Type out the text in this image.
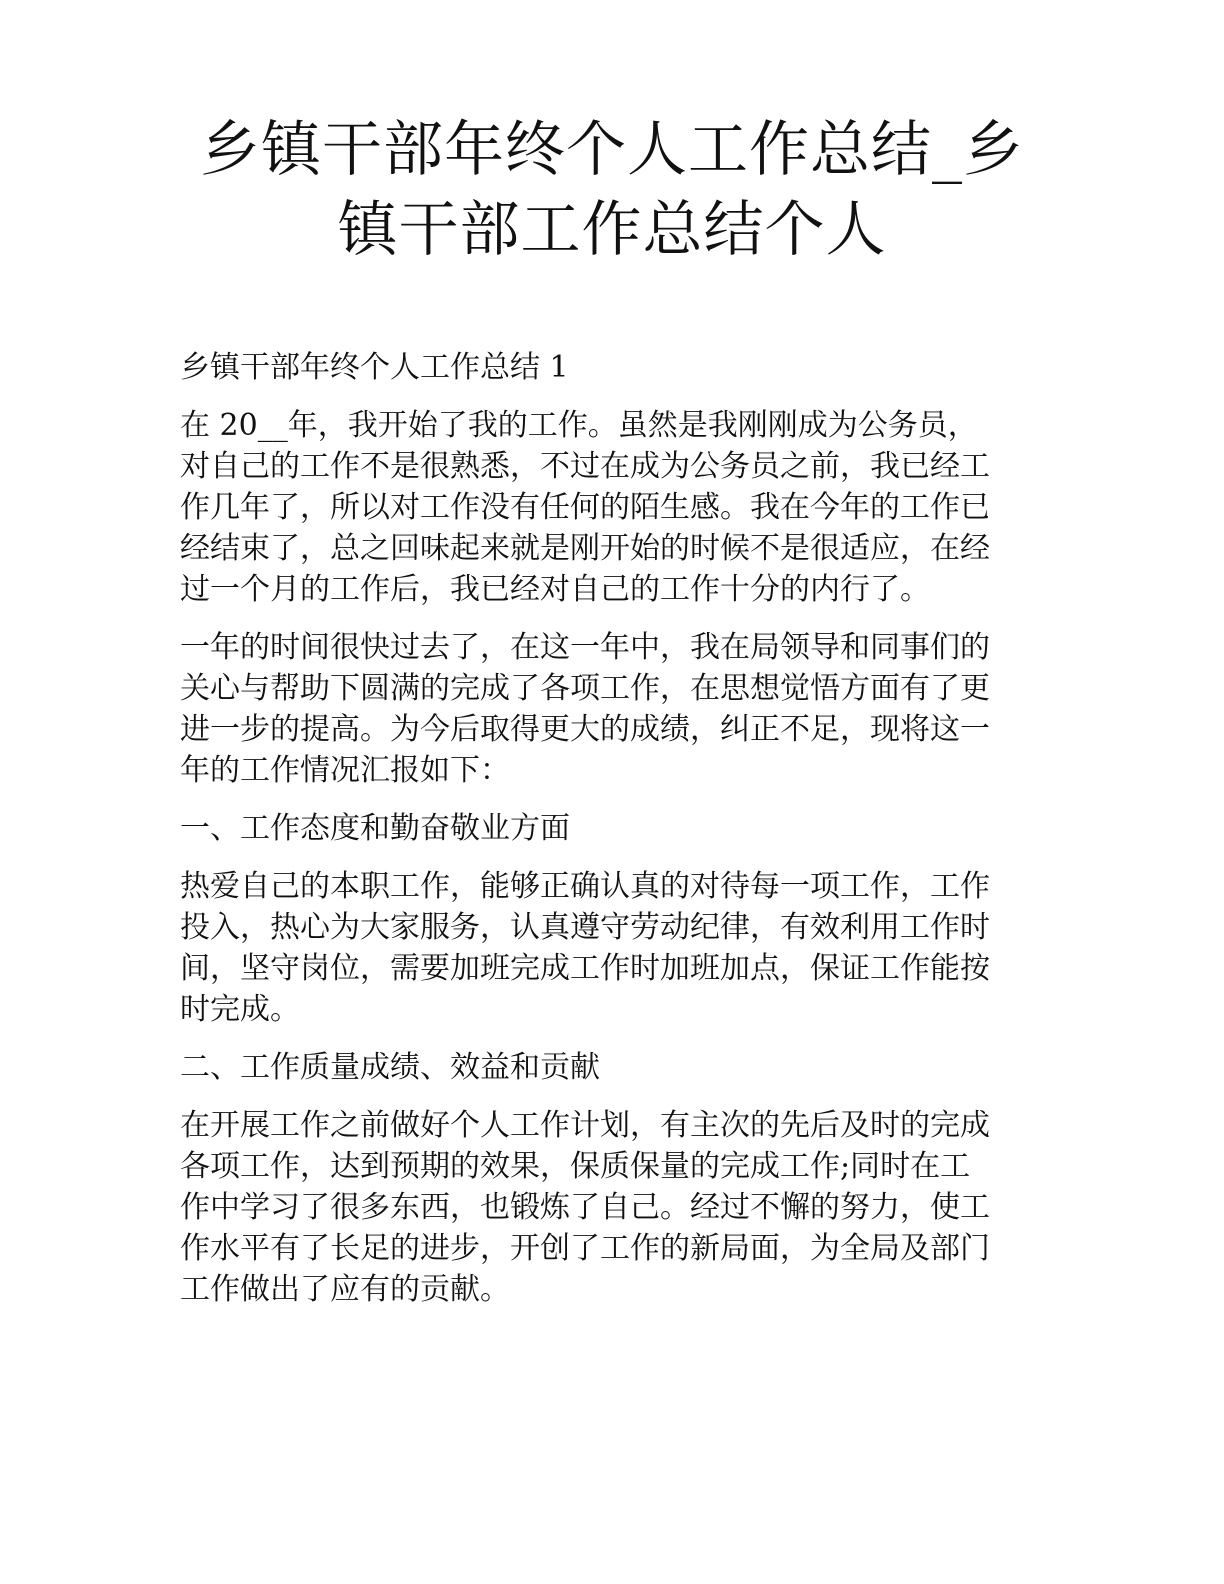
乡镇干部年终个人工作总结_乡
镇干部工作总结个人

乡镇干部年终个人工作总结 1

在 20__年，我开始了我的工作。虽然是我刚刚成为公务员，
对自己的工作不是很熟悉，不过在成为公务员之前，我已经工
作几年了，所以对工作没有任何的陌生感。我在今年的工作已
经结束了，总之回味起来就是刚开始的时候不是很适应，在经
过一个月的工作后，我已经对自己的工作十分的内行了。

一年的时间很快过去了，在这一年中，我在局领导和同事们的
关心与帮助下圆满的完成了各项工作，在思想觉悟方面有了更
进一步的提高。为今后取得更大的成绩，纠正不足，现将这一
年的工作情况汇报如下：

一、工作态度和勤奋敬业方面

热爱自己的本职工作，能够正确认真的对待每一项工作，工作
投入，热心为大家服务，认真遵守劳动纪律，有效利用工作时
间，坚守岗位，需要加班完成工作时加班加点，保证工作能按
时完成。

二、工作质量成绩、效益和贡献

在开展工作之前做好个人工作计划，有主次的先后及时的完成
各项工作，达到预期的效果，保质保量的完成工作;同时在工
作中学习了很多东西，也锻炼了自己。经过不懈的努力，使工
作水平有了长足的进步，开创了工作的新局面，为全局及部门
工作做出了应有的贡献。
